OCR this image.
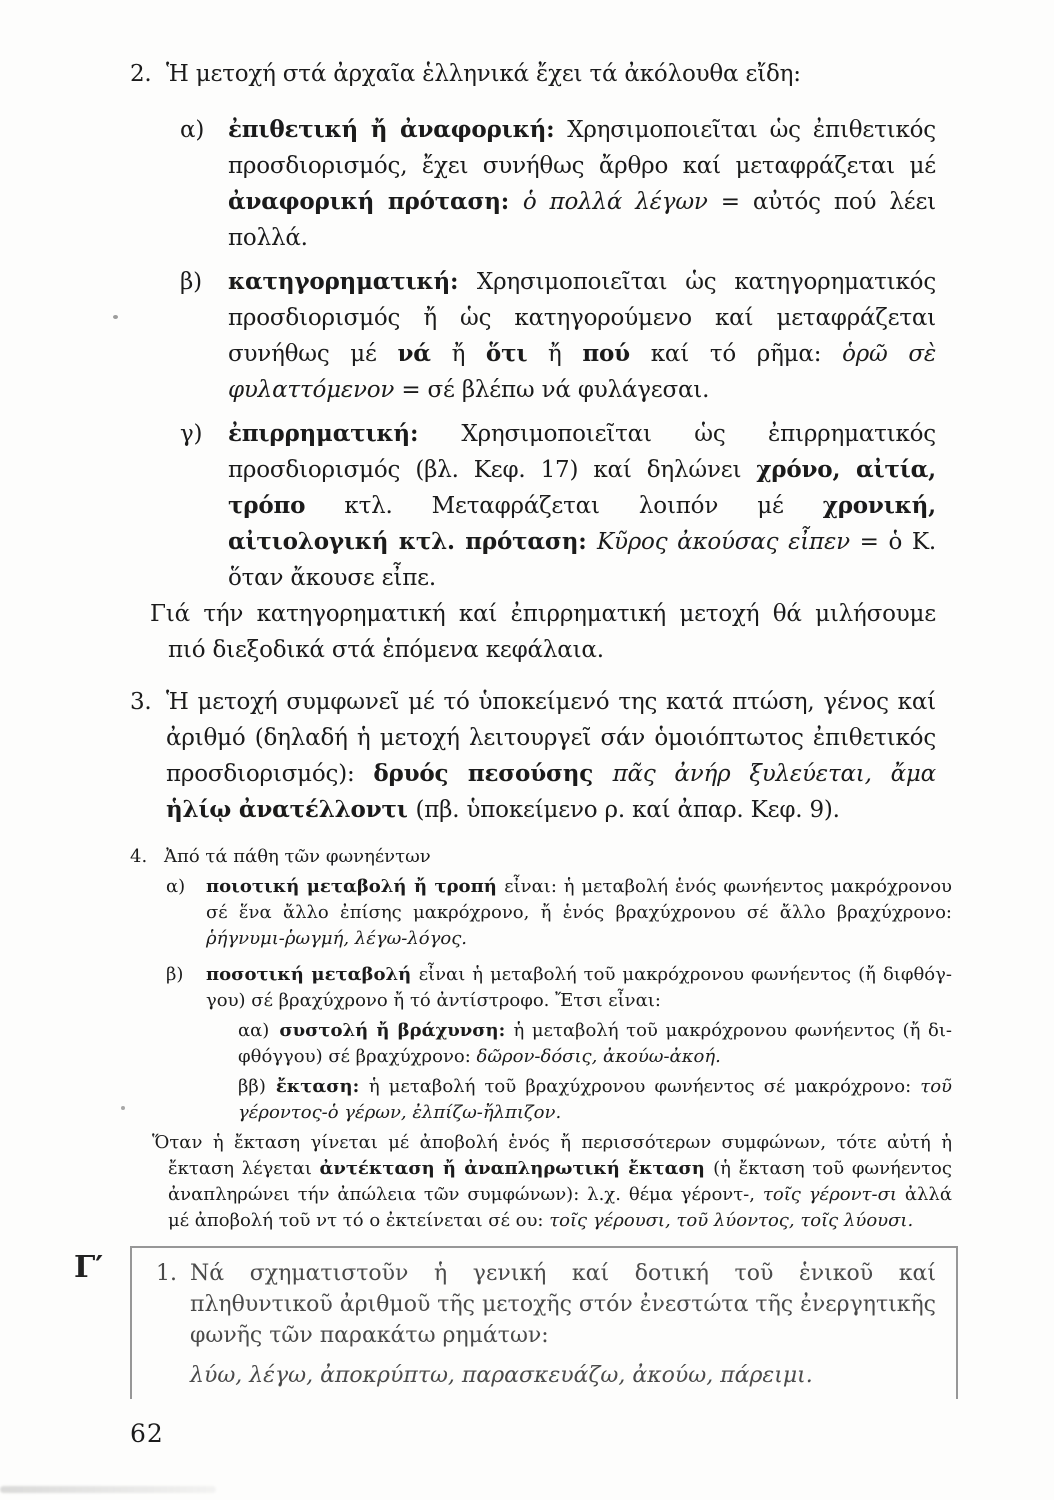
2. Ἡ μετοχή στά ἀρχαῖα ἑλληνικά ἔχει τά ἀκόλουθα εἴδη:

α) ἐπιθετική ἤ ἀναφορική: Χρησιμοποιεῖται ὡς ἐπιθετικός προσδιορισμός, ἔχει συνήθως ἄρθρο καί μεταφράζεται μέ ἀναφορική πρόταση: ὁ πολλά λέγων = αὐτός πού λέει πολλά.

β) κατηγορηματική: Χρησιμοποιεῖται ὡς κατηγορηματικός προσδιορισμός ἤ ὡς κατηγορούμενο καί μεταφράζεται συνήθως μέ νά ἤ ὅτι ἤ πού καί τό ρῆμα: ὁρῶ σὲ φυλαττόμενον = σέ βλέπω νά φυλάγεσαι.

γ) ἐπιρρηματική: Χρησιμοποιεῖται ὡς ἐπιρρηματικός προσδιορισμός (βλ. Κεφ. 17) καί δηλώνει χρόνο, αἰτία, τρόπο κτλ. Μεταφράζεται λοιπόν μέ χρονική, αἰτιολογική κτλ. πρόταση: Κῦρος ἀκούσας εἶπεν = ὁ Κ. ὅταν ἄκουσε εἶπε.

Γιά τήν κατηγορηματική καί ἐπιρρηματική μετοχή θά μιλήσουμε πιό διεξοδικά στά ἑπόμενα κεφάλαια.

3. Ἡ μετοχή συμφωνεῖ μέ τό ὑποκείμενό της κατά πτώση, γένος καί ἀριθμό (δηλαδή ἡ μετοχή λειτουργεῖ σάν ὁμοιόπτωτος ἐπιθετικός προσδιορισμός): δρυός πεσούσης πᾶς ἀνήρ ξυλεύεται, ἄμα ἡλίῳ ἀνατέλλοντι (πβ. ὑποκείμενο ρ. καί ἀπαρ. Κεφ. 9).

4. Ἀπό τά πάθη τῶν φωνηέντων

α) ποιοτική μεταβολή ἤ τροπή εἶναι: ἡ μεταβολή ἑνός φωνήεντος μακρόχρονου σέ ἕνα ἄλλο ἐπίσης μακρόχρονο, ἤ ἑνός βραχύχρονου σέ ἄλλο βραχύχρονο: ῥήγνυμι-ῥωγμή, λέγω-λόγος.

β) ποσοτική μεταβολή εἶναι ἡ μεταβολή τοῦ μακρόχρονου φωνήεντος (ἤ διφθόγγου) σέ βραχύχρονο ἤ τό ἀντίστροφο. Ἔτσι εἶναι:

αα) συστολή ἤ βράχυνση: ἡ μεταβολή τοῦ μακρόχρονου φωνήεντος (ἤ διφθόγγου) σέ βραχύχρονο: δῶρον-δόσις, ἀκούω-ἀκοή.

ββ) ἔκταση: ἡ μεταβολή τοῦ βραχύχρονου φωνήεντος σέ μακρόχρονο: τοῦ γέροντος-ὁ γέρων, ἐλπίζω-ἤλπιζον.

Ὅταν ἡ ἔκταση γίνεται μέ ἀποβολή ἑνός ἤ περισσότερων συμφώνων, τότε αὐτή ἡ ἔκταση λέγεται ἀντέκταση ἤ ἀναπληρωτική ἔκταση (ἡ ἔκταση τοῦ φωνήεντος ἀναπληρώνει τήν ἀπώλεια τῶν συμφώνων): λ.χ. θέμα γέροντ-, τοῖς γέροντ-σι ἀλλά μέ ἀποβολή τοῦ ντ τό ο ἐκτείνεται σέ ου: τοῖς γέρουσι, τοῦ λύοντος, τοῖς λύουσι.

Γ′ 1. Νά σχηματιστοῦν ἡ γενική καί δοτική τοῦ ἑνικοῦ καί πληθυντικοῦ ἀριθμοῦ τῆς μετοχῆς στόν ἐνεστώτα τῆς ἐνεργητικῆς φωνῆς τῶν παρακάτω ρημάτων:

λύω, λέγω, ἀποκρύπτω, παρασκευάζω, ἀκούω, πάρειμι.

62
